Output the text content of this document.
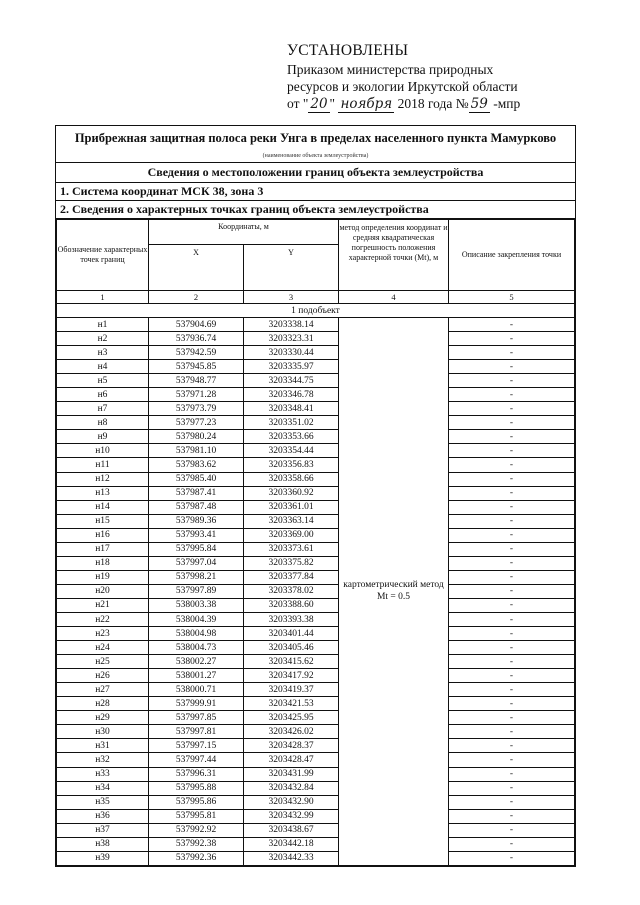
УСТАНОВЛЕНЫ
Приказом министерства природных
ресурсов и экологии Иркутской области
от " 20 " ноября 2018 года № 59 -мпр
Прибрежная защитная полоса реки Унга в пределах населенного пункта Мамурково
(наименование объекта землеустройства)
Сведения о местоположении границ объекта землеустройства
1. Система координат МСК 38, зона 3
2. Сведения о характерных точках границ объекта землеустройства
Обозначение характерных точек границ	Координаты, м		метод определения координат и средняя квадратическая погрешность положения характерной точки (Mt), м	Описание закрепления точки
	X	Y		
1	2	3	4	5
1 подобъект				
н1	537904.69	3203338.14	картометрический метод Mt = 0.5	-
н2	537936.74	3203323.31		-
н3	537942.59	3203330.44		-
н4	537945.85	3203335.97		-
н5	537948.77	3203344.75		-
н6	537971.28	3203346.78		-
н7	537973.79	3203348.41		-
н8	537977.23	3203351.02		-
н9	537980.24	3203353.66		-
н10	537981.10	3203354.44		-
н11	537983.62	3203356.83		-
н12	537985.40	3203358.66		-
н13	537987.41	3203360.92		-
н14	537987.48	3203361.01		-
н15	537989.36	3203363.14		-
н16	537993.41	3203369.00		-
н17	537995.84	3203373.61		-
н18	537997.04	3203375.82		-
н19	537998.21	3203377.84		-
н20	537997.89	3203378.02		-
н21	538003.38	3203388.60		-
н22	538004.39	3203393.38		-
н23	538004.98	3203401.44		-
н24	538004.73	3203405.46		-
н25	538002.27	3203415.62		-
н26	538001.27	3203417.92		-
н27	538000.71	3203419.37		-
н28	537999.91	3203421.53		-
н29	537997.85	3203425.95		-
н30	537997.81	3203426.02		-
н31	537997.15	3203428.37		-
н32	537997.44	3203428.47		-
н33	537996.31	3203431.99		-
н34	537995.88	3203432.84		-
н35	537995.86	3203432.90		-
н36	537995.81	3203432.99		-
н37	537992.92	3203438.67		-
н38	537992.38	3203442.18		-
н39	537992.36	3203442.33		-
